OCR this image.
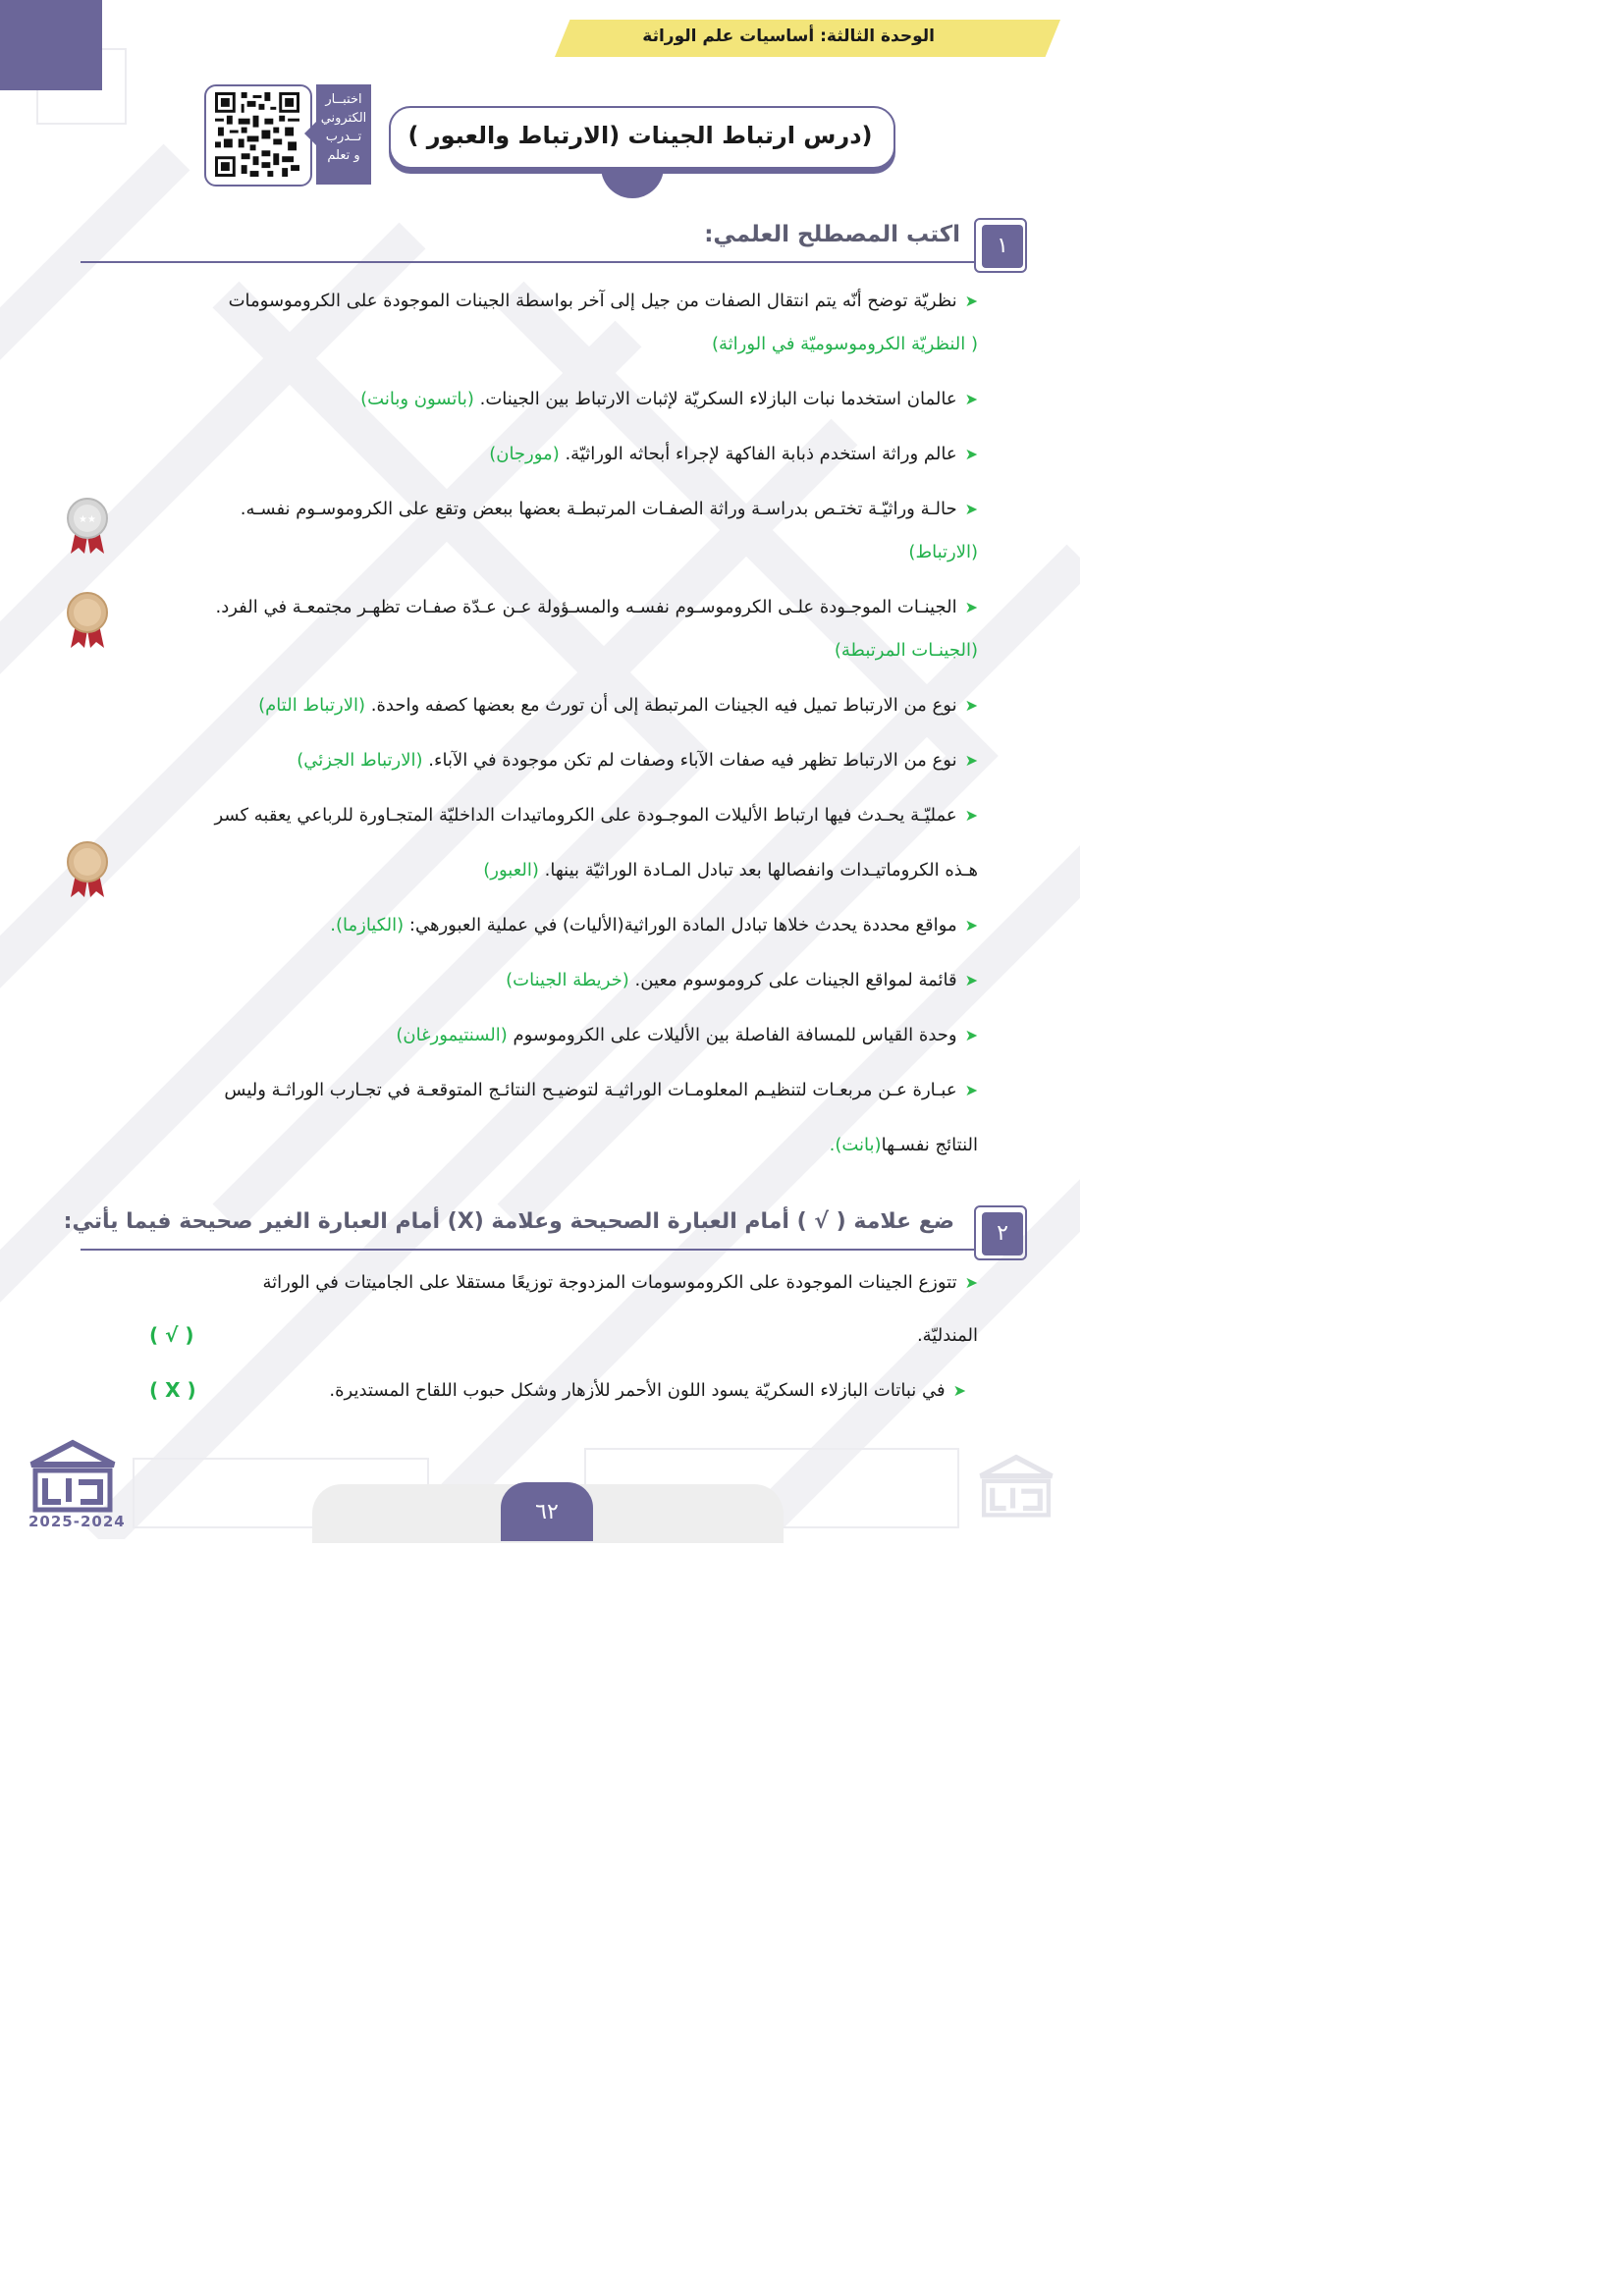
الوحدة الثالثة: أساسيات علم الوراثة
اختبــار
الكتروني
تــدرب
و تعلم
(درس ارتباط الجينات (الارتباط والعبور )
١
اكتب المصطلح العلمي:
➤نظريّة توضح أنّه يتم انتقال الصفات من جيل إلى آخر بواسطة الجينات الموجودة على الكروموسومات
( النظريّة الكروموسوميّة في الوراثة)
➤عالمان استخدما نبات البازلاء السكريّة لإثبات الارتباط بين الجينات. (باتسون وبانت)
➤عالم وراثة استخدم ذبابة الفاكهة لإجراء أبحاثه الوراثيّة. (مورجان)
➤حالـة وراثيّـة تختـص بدراسـة وراثة الصفـات المرتبطـة بعضها ببعض وتقع على الكروموسـوم نفسـه.
(الارتباط)
➤الجينـات الموجـودة علـى الكروموسـوم نفسـه والمسـؤولة عـن عـدّة صفـات تظهـر مجتمعـة في الفرد.
(الجينـات المرتبطة)
➤نوع من الارتباط تميل فيه الجينات المرتبطة إلى أن تورث مع بعضها كصفه واحدة. (الارتباط التام)
➤نوع من الارتباط تظهر فيه صفات الآباء وصفات لم تكن موجودة في الآباء. (الارتباط الجزئي)
➤عمليّـة يحـدث فيها ارتباط الأليلات الموجـودة على الكروماتيدات الداخليّة المتجـاورة للرباعي يعقبه كسر
هـذه الكروماتيـدات وانفصالها بعد تبادل المـادة الوراثيّة بينها. (العبور)
➤مواقع محددة يحدث خلاها تبادل المادة الوراثية(الأليات) في عملية العبورهي: (الكيازما).
➤قائمة لمواقع الجينات على كروموسوم معين. (خريطة الجينات)
➤وحدة القياس للمسافة الفاصلة بين الأليلات على الكروموسوم (السنتيمورغان)
➤عبـارة عـن مربعـات لتنظيـم المعلومـات الوراثيـة لتوضيـح النتائـج المتوقعـة في تجـارب الوراثـة وليس
النتائج نفسـها(بانت).
★★
٢
ضع علامة ( √ ) أمام العبارة الصحيحة وعلامة (X) أمام العبارة الغير صحيحة فيما يأتي:
➤تتوزع الجينات الموجودة على الكروموسومات المزدوجة توزيعًا مستقلا على الجاميتات في الوراثة
المندليّة.
( √ )
➤في نباتات البازلاء السكريّة يسود اللون الأحمر للأزهار وشكل حبوب اللقاح المستديرة.
( X )
٦٢
2025-2024
